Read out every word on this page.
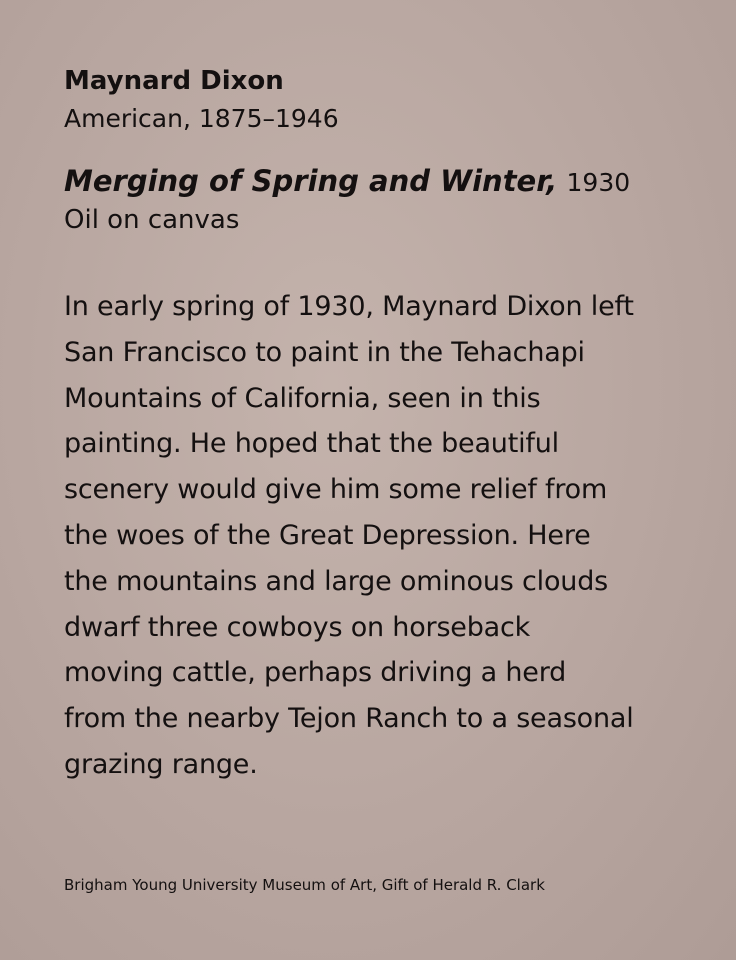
Maynard Dixon
American, 1875–1946
Merging of Spring and Winter, 1930
Oil on canvas
In early spring of 1930, Maynard Dixon left
San Francisco to paint in the Tehachapi
Mountains of California, seen in this
painting. He hoped that the beautiful
scenery would give him some relief from
the woes of the Great Depression. Here
the mountains and large ominous clouds
dwarf three cowboys on horseback
moving cattle, perhaps driving a herd
from the nearby Tejon Ranch to a seasonal
grazing range.
Brigham Young University Museum of Art, Gift of Herald R. Clark
